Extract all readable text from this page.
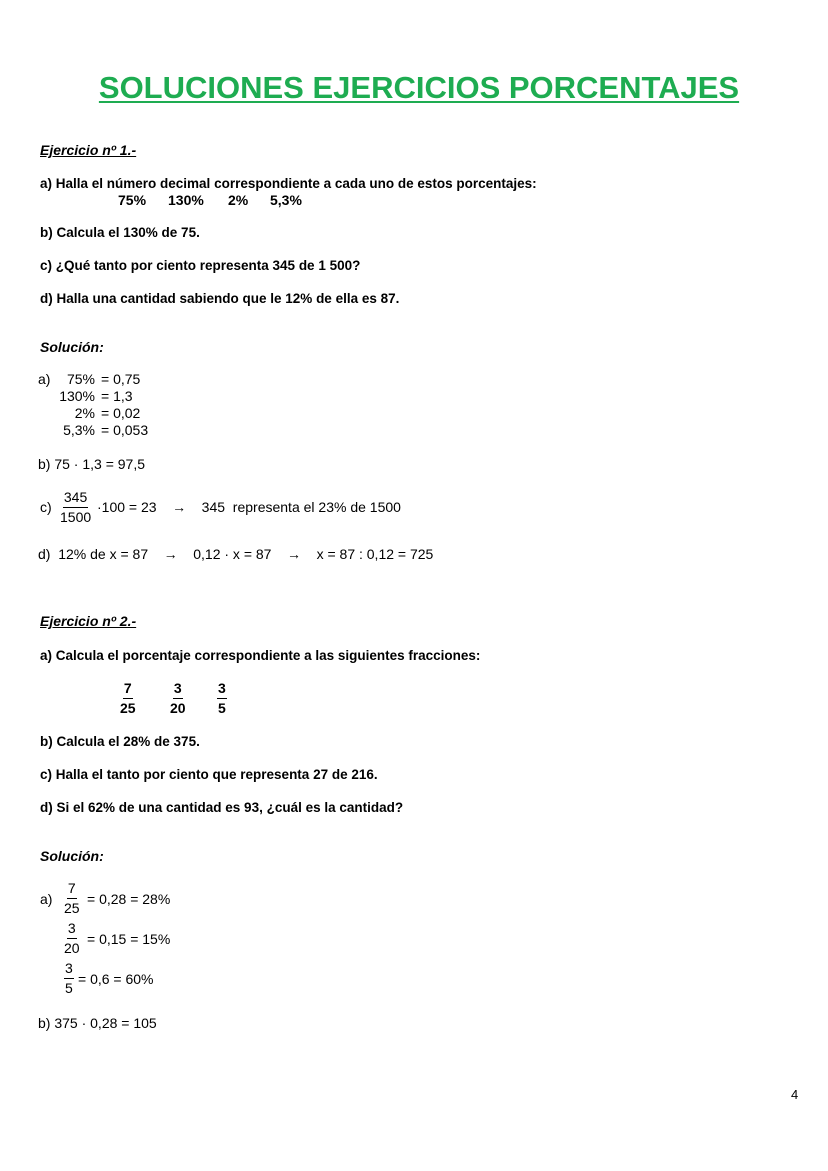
SOLUCIONES EJERCICIOS PORCENTAJES
Ejercicio nº 1.-
a) Halla el número decimal correspondiente a cada uno de estos porcentajes:
75% 130% 2% 5,3%
b) Calcula el 130% de 75.
c) ¿Qué tanto por ciento representa 345 de 1 500?
d) Halla una cantidad sabiendo que le 12% de ella es 87.
Solución:
a)	75% = 0,75
130% = 1,3
2% = 0,02
5,3% = 0,053
b) 75 · 1,3 = 97,5
$c) \frac{345}{1500} \cdot 100 = 23$    →    345  representa el 23% de 1500
d)  12% de x = 87    →    0,12 · x = 87    →    x = 87 : 0,12 = 725
Ejercicio nº 2.-
a) Calcula el porcentaje correspondiente a las siguientes fracciones:
$\frac{7}{25} \frac{3}{20} \frac{3}{5}$
b) Calcula el 28% de 375.
c) Halla el tanto por ciento que representa 27 de 216.
d) Si el 62% de una cantidad es 93, ¿cuál es la cantidad?
Solución:
$a) \frac{7}{25} = 0,28 = 28\%$
$\frac{3}{20} = 0,15 = 15\%$
$\frac{3}{5} = 0,6 = 60\%$
b) 375 · 0,28 = 105
4
